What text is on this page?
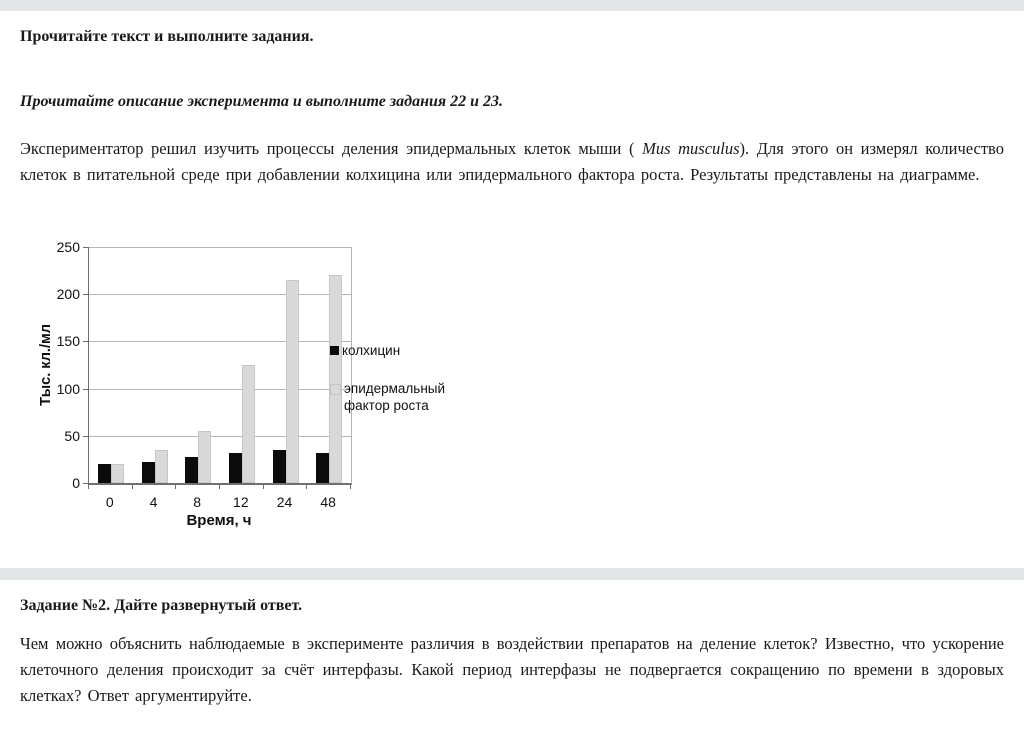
Прочитайте текст и выполните задания.
Прочитайте описание эксперимента и выполните задания 22 и 23.

Экспериментатор решил изучить процессы деления эпидермальных клеток мыши ( Mus musculus). Для этого он измерял количество клеток в питательной среде при добавлении колхицина или эпидермального фактора роста. Результаты представлены на диаграмме.

Тыс. кл./мл
250
200
150
100
50
0
0	4	8 12 24 48
Время, ч
колхицин
эпидермальный фактор роста
Задание №2. Дайте развернутый ответ.

Чем можно объяснить наблюдаемые в эксперименте различия в воздействии препаратов на деление клеток? Известно, что ускорение клеточного деления происходит за счёт интерфазы. Какой период интерфазы не подвергается сокращению по времени в здоровых клетках? Ответ аргументируйте.
